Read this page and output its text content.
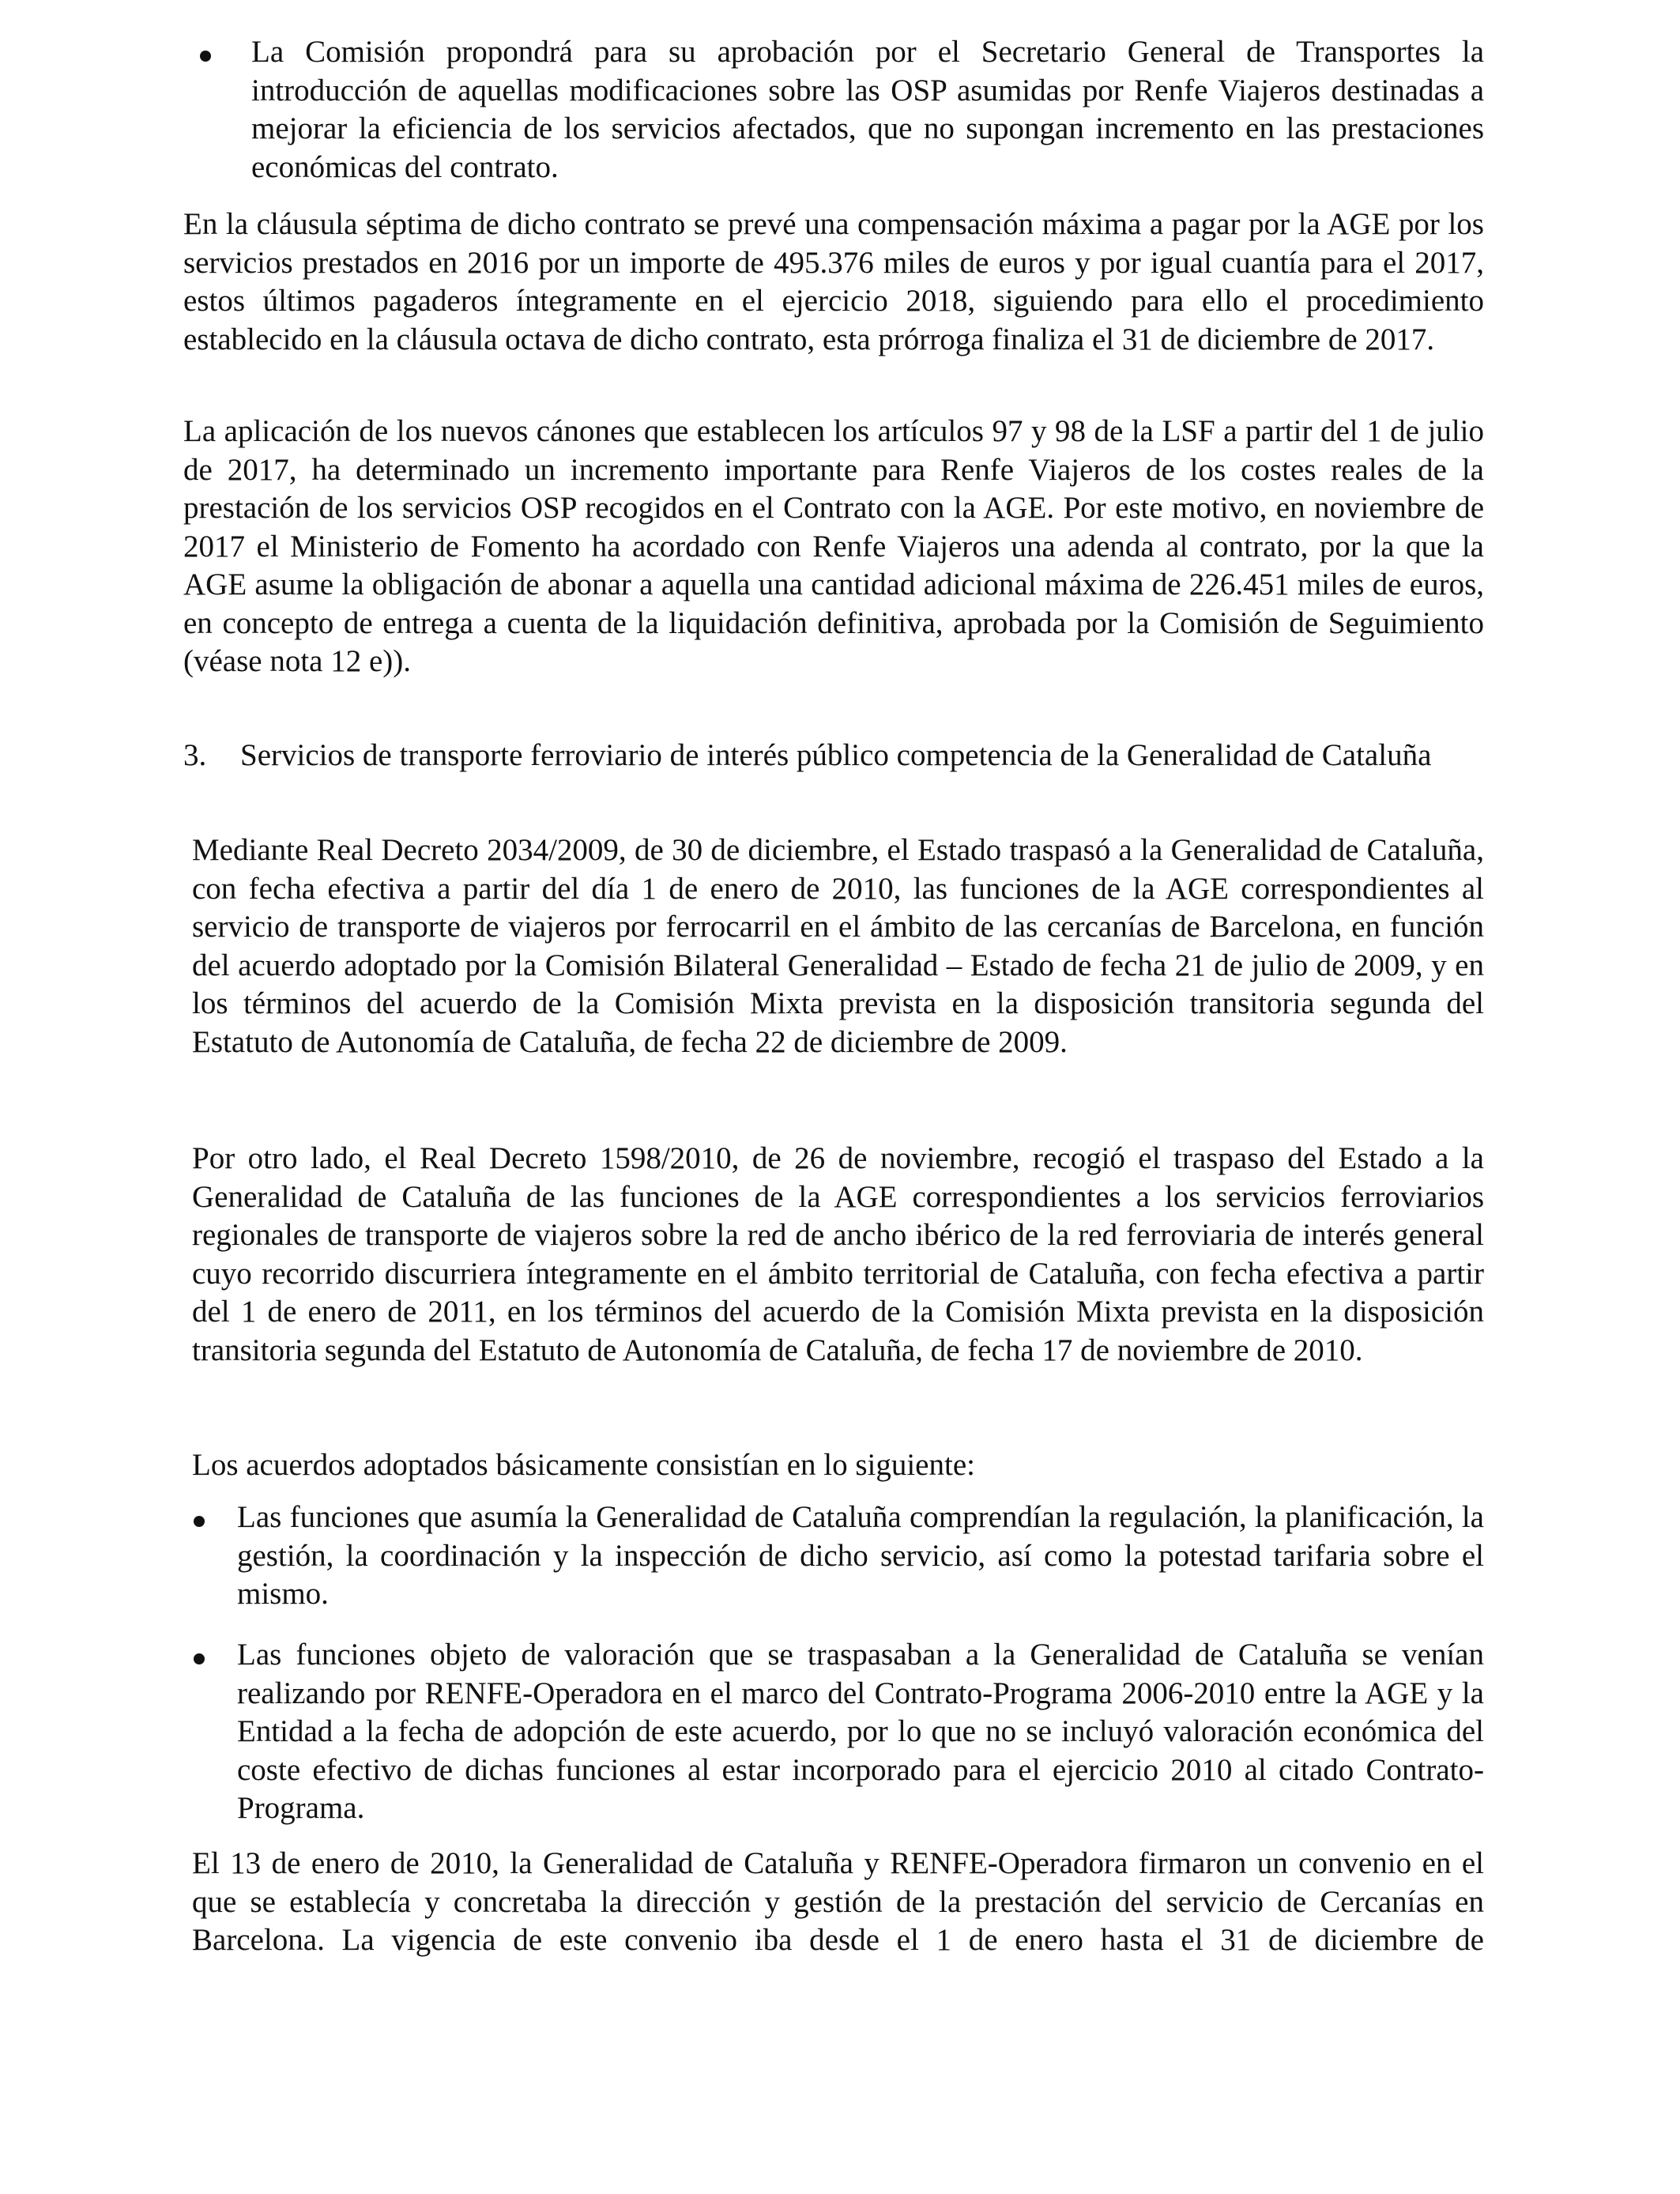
La Comisión propondrá para su aprobación por el Secretario General de Transportes la introducción de aquellas modificaciones sobre las OSP asumidas por Renfe Viajeros destinadas a mejorar la eficiencia de los servicios afectados, que no supongan incremento en las prestaciones económicas del contrato.

En la cláusula séptima de dicho contrato se prevé una compensación máxima a pagar por la AGE por los servicios prestados en 2016 por un importe de 495.376 miles de euros y por igual cuantía para el 2017, estos últimos pagaderos íntegramente en el ejercicio 2018, siguiendo para ello el procedimiento establecido en la cláusula octava de dicho contrato, esta prórroga finaliza el 31 de diciembre de 2017.

La aplicación de los nuevos cánones que establecen los artículos 97 y 98 de la LSF a partir del 1 de julio de 2017, ha determinado un incremento importante para Renfe Viajeros de los costes reales de la prestación de los servicios OSP recogidos en el Contrato con la AGE. Por este motivo, en noviembre de 2017 el Ministerio de Fomento ha acordado con Renfe Viajeros una adenda al contrato, por la que la AGE asume la obligación de abonar a aquella una cantidad adicional máxima de 226.451 miles de euros, en concepto de entrega a cuenta de la liquidación definitiva, aprobada por la Comisión de Seguimiento (véase nota 12 e)).

3. Servicios de transporte ferroviario de interés público competencia de la Generalidad de Cataluña

Mediante Real Decreto 2034/2009, de 30 de diciembre, el Estado traspasó a la Generalidad de Cataluña, con fecha efectiva a partir del día 1 de enero de 2010, las funciones de la AGE correspondientes al servicio de transporte de viajeros por ferrocarril en el ámbito de las cercanías de Barcelona, en función del acuerdo adoptado por la Comisión Bilateral Generalidad – Estado de fecha 21 de julio de 2009, y en los términos del acuerdo de la Comisión Mixta prevista en la disposición transitoria segunda del Estatuto de Autonomía de Cataluña, de fecha 22 de diciembre de 2009.

Por otro lado, el Real Decreto 1598/2010, de 26 de noviembre, recogió el traspaso del Estado a la Generalidad de Cataluña de las funciones de la AGE correspondientes a los servicios ferroviarios regionales de transporte de viajeros sobre la red de ancho ibérico de la red ferroviaria de interés general cuyo recorrido discurriera íntegramente en el ámbito territorial de Cataluña, con fecha efectiva a partir del 1 de enero de 2011, en los términos del acuerdo de la Comisión Mixta prevista en la disposición transitoria segunda del Estatuto de Autonomía de Cataluña, de fecha 17 de noviembre de 2010.

Los acuerdos adoptados básicamente consistían en lo siguiente:

Las funciones que asumía la Generalidad de Cataluña comprendían la regulación, la planificación, la gestión, la coordinación y la inspección de dicho servicio, así como la potestad tarifaria sobre el mismo.

Las funciones objeto de valoración que se traspasaban a la Generalidad de Cataluña se venían realizando por RENFE-Operadora en el marco del Contrato-Programa 2006-2010 entre la AGE y la Entidad a la fecha de adopción de este acuerdo, por lo que no se incluyó valoración económica del coste efectivo de dichas funciones al estar incorporado para el ejercicio 2010 al citado Contrato-Programa.

El 13 de enero de 2010, la Generalidad de Cataluña y RENFE-Operadora firmaron un convenio en el que se establecía y concretaba la dirección y gestión de la prestación del servicio de Cercanías en Barcelona. La vigencia de este convenio iba desde el 1 de enero hasta el 31 de diciembre de
